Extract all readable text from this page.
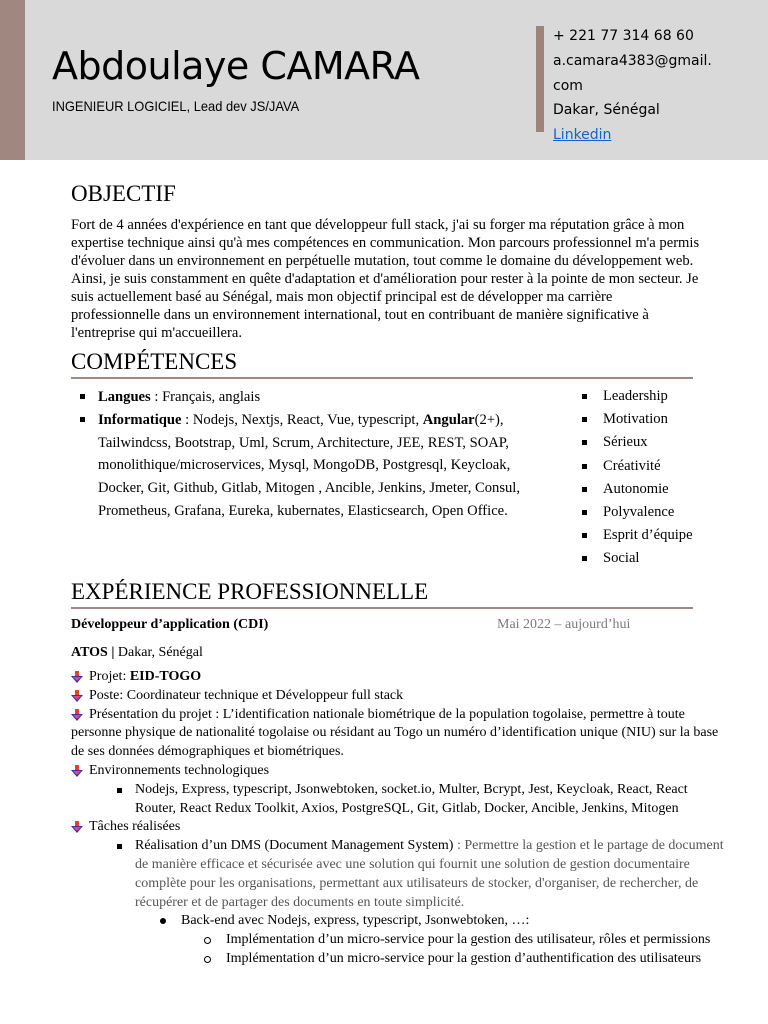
Abdoulaye CAMARA
INGENIEUR LOGICIEL, Lead dev JS/JAVA
+ 221 77 314 68 60
a.camara4383@gmail.
com
Dakar, Sénégal
Linkedin
OBJECTIF
Fort de 4 années d'expérience en tant que développeur full stack, j'ai su forger ma réputation grâce à mon expertise technique ainsi qu'à mes compétences en communication. Mon parcours professionnel m'a permis d'évoluer dans un environnement en perpétuelle mutation, tout comme le domaine du développement web. Ainsi, je suis constamment en quête d'adaptation et d'amélioration pour rester à la pointe de mon secteur. Je suis actuellement basé au Sénégal, mais mon objectif principal est de développer ma carrière professionnelle dans un environnement international, tout en contribuant de manière significative à l'entreprise qui m'accueillera.
COMPÉTENCES
Langues : Français, anglais
Informatique : Nodejs, Nextjs, React, Vue, typescript, Angular(2+), Tailwindcss, Bootstrap, Uml, Scrum, Architecture, JEE, REST, SOAP, monolithique/microservices, Mysql, MongoDB, Postgresql, Keycloak, Docker, Git, Github, Gitlab, Mitogen , Ancible, Jenkins, Jmeter, Consul,
Prometheus, Grafana, Eureka, kubernates, Elasticsearch, Open Office.
Leadership
Motivation
Sérieux
Créativité
Autonomie
Polyvalence
Esprit d’équipe
Social
EXPÉRIENCE PROFESSIONNELLE
Développeur d’application (CDI)	Mai 2022 – aujourd’hui
ATOS | Dakar, Sénégal
Projet: EID-TOGO
Poste: Coordinateur technique et Développeur full stack
Présentation du projet : L’identification nationale biométrique de la population togolaise, permettre à toute personne physique de nationalité togolaise ou résidant au Togo un numéro d’identification unique (NIU) sur la base de ses données démographiques et biométriques.
Environnements technologiques
Nodejs, Express, typescript, Jsonwebtoken, socket.io, Multer, Bcrypt, Jest, Keycloak, React, React Router, React Redux Toolkit, Axios, PostgreSQL, Git, Gitlab, Docker, Ancible, Jenkins, Mitogen
Tâches réalisées
Réalisation d’un DMS (Document Management System) : Permettre la gestion et le partage de document de manière efficace et sécurisée avec une solution qui fournit une solution de gestion documentaire complète pour les organisations, permettant aux utilisateurs de stocker, d'organiser, de rechercher, de récupérer et de partager des documents en toute simplicité.
Back-end avec Nodejs, express, typescript, Jsonwebtoken, …:
Implémentation d’un micro-service pour la gestion des utilisateur, rôles et permissions
Implémentation d’un micro-service pour la gestion d’authentification des utilisateurs
